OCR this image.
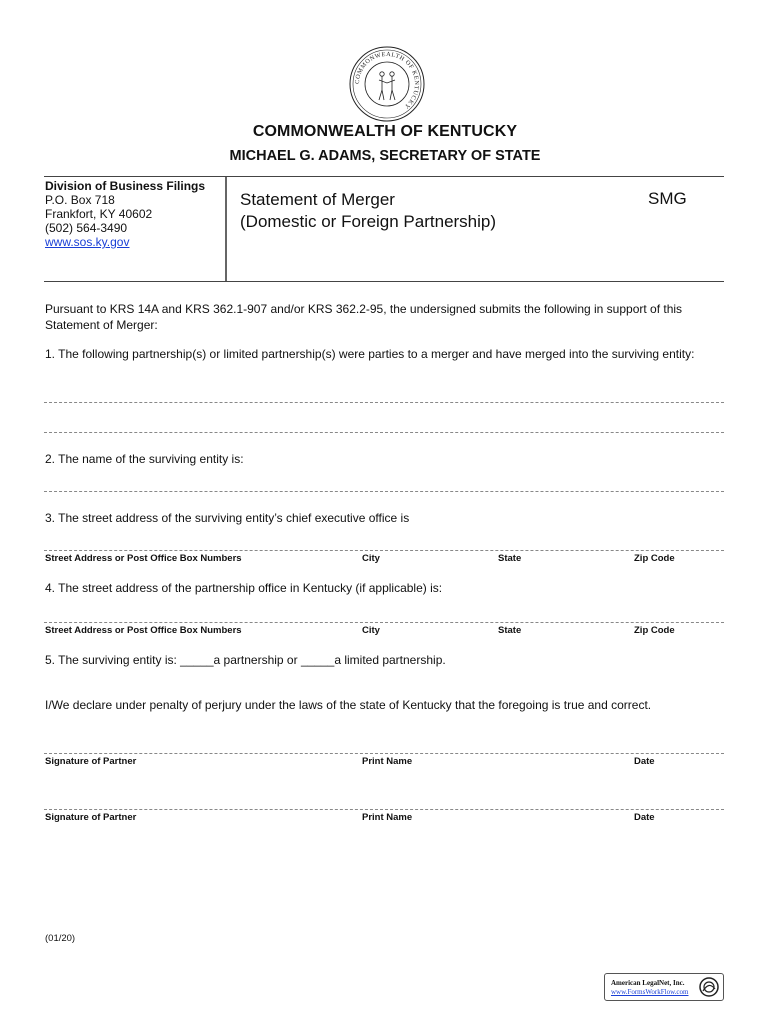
COMMONWEALTH OF KENTUCKY
COMMONWEALTH OF KENTUCKY
MICHAEL G. ADAMS, SECRETARY OF STATE
Division of Business Filings
P.O. Box 718
Frankfort, KY 40602
(502) 564-3490
www.sos.ky.gov
Statement of Merger
(Domestic or Foreign Partnership)
SMG
Pursuant to KRS 14A and KRS 362.1-907 and/or KRS 362.2-95, the undersigned submits the following in support of this Statement of Merger:
1. The following partnership(s) or limited partnership(s) were parties to a merger and have merged into the surviving entity:
2. The name of the surviving entity is:
3. The street address of the surviving entity’s chief executive office is
Street Address or Post Office Box Numbers	City	State	Zip Code
4. The street address of the partnership office in Kentucky (if applicable) is:
Street Address or Post Office Box Numbers	City	State	Zip Code
5. The surviving entity is: _____a partnership or _____a limited partnership.
I/We declare under penalty of perjury under the laws of the state of Kentucky that the foregoing is true and correct.
Signature of Partner	Print Name	Date
Signature of Partner	Print Name	Date
(01/20)
American LegalNet, Inc.
www.FormsWorkFlow.com
